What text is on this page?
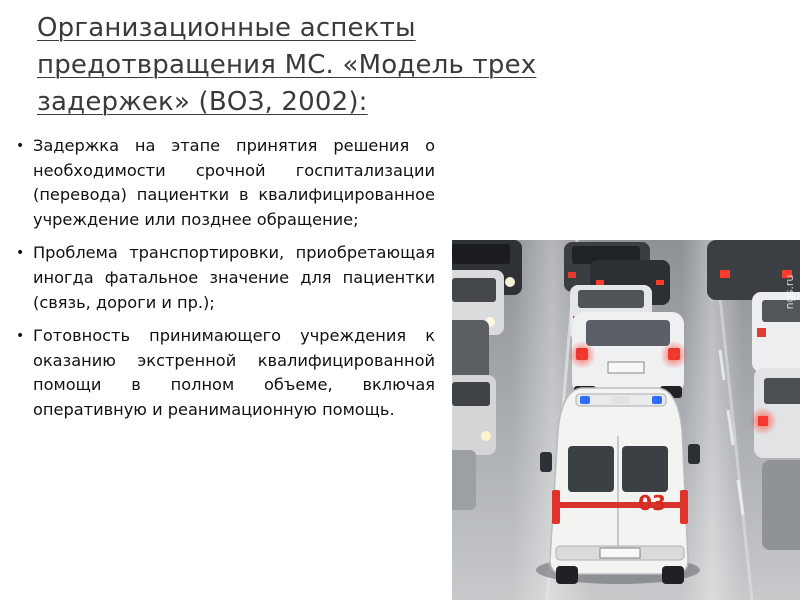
Организационные аспекты предотвращения МС. «Модель трех задержек» (ВОЗ, 2002):
• Задержка на этапе принятия решения о необходимости срочной госпитализации (перевода) пациентки в квалифицированное учреждение или позднее обращение;
• Проблема транспортировки, приобретающая иногда фатальное значение для пациентки (связь, дороги и пр.);
• Готовность принимающего учреждения к оказанию экстренной квалифицированной помощи в полном объеме, включая оперативную и реанимационную помощь.
03
ngs.ru
